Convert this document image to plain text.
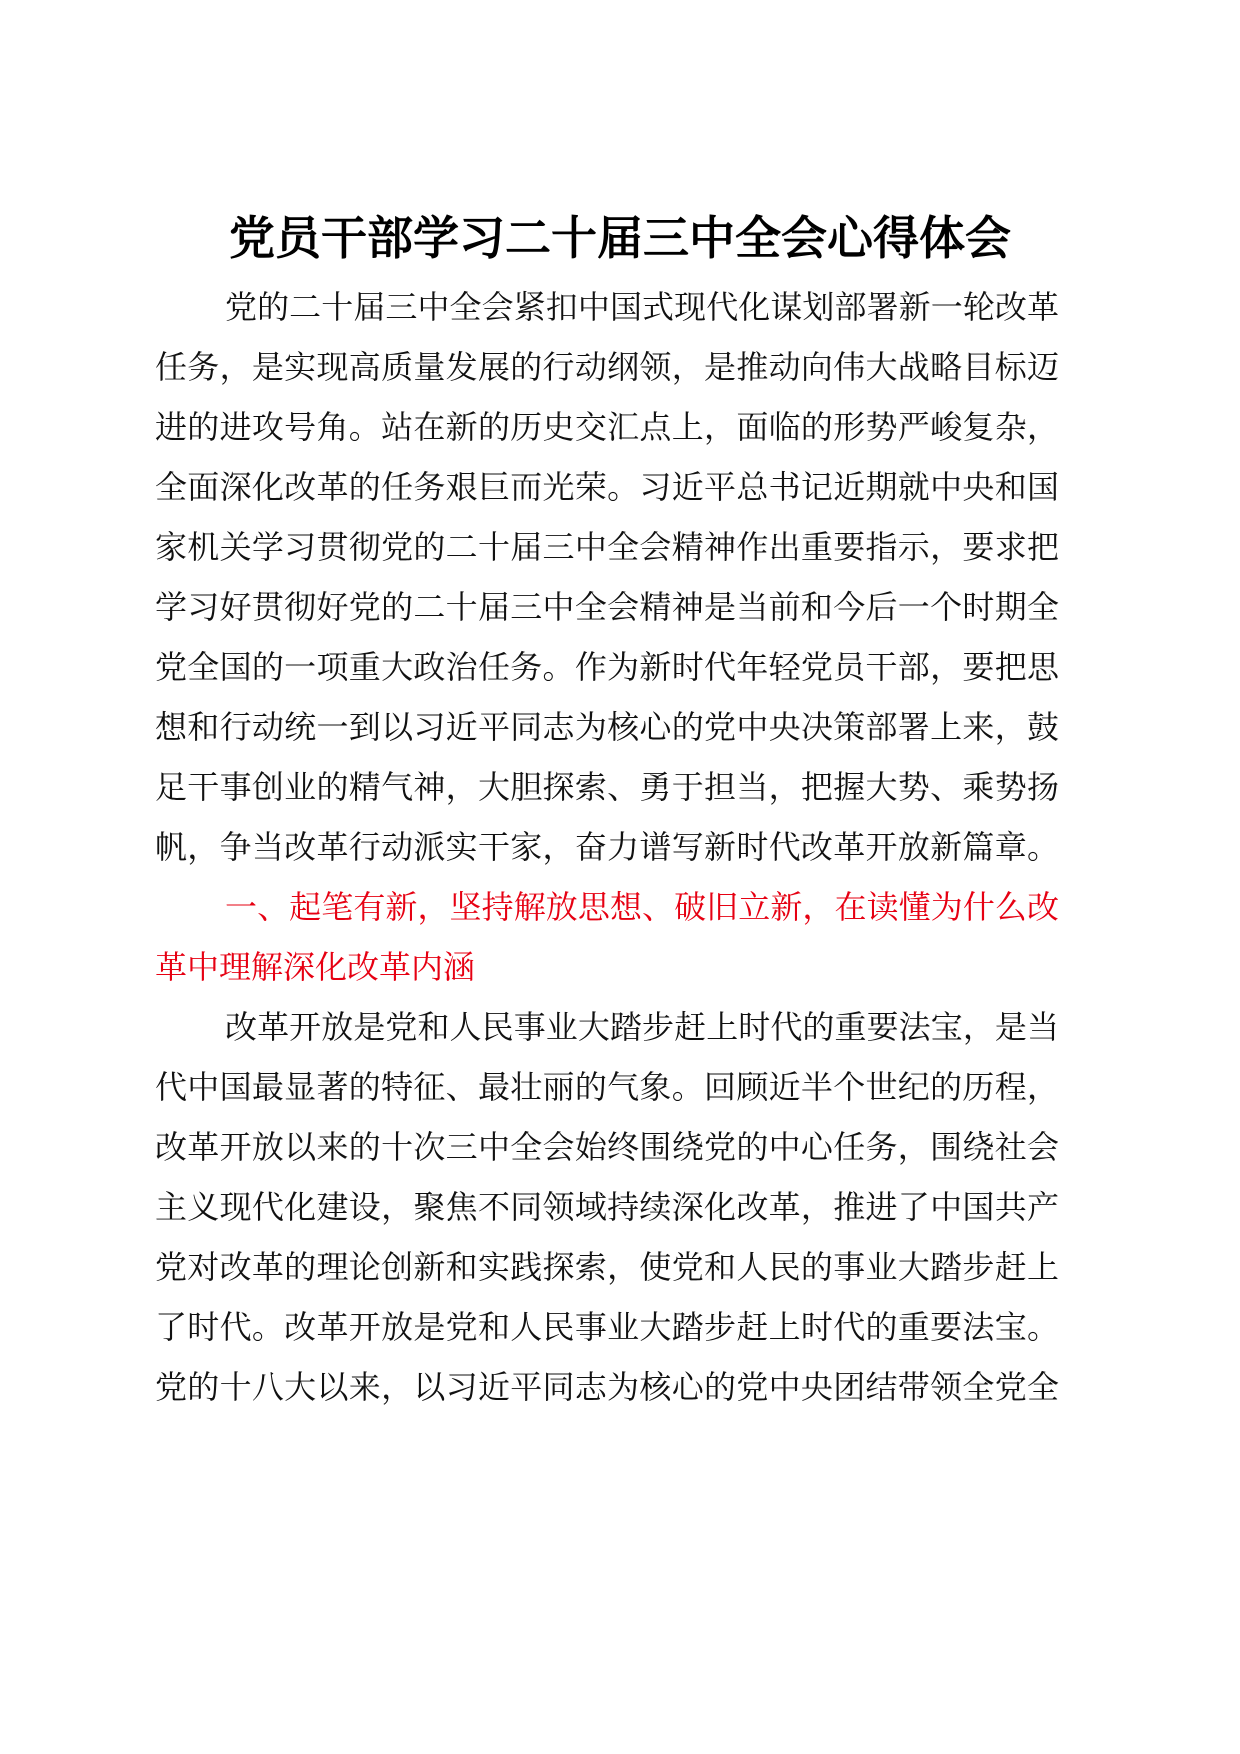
党员干部学习二十届三中全会心得体会
党的二十届三中全会紧扣中国式现代化谋划部署新一轮改革
任务，是实现高质量发展的行动纲领，是推动向伟大战略目标迈
进的进攻号角。站在新的历史交汇点上，面临的形势严峻复杂，
全面深化改革的任务艰巨而光荣。习近平总书记近期就中央和国
家机关学习贯彻党的二十届三中全会精神作出重要指示，要求把
学习好贯彻好党的二十届三中全会精神是当前和今后一个时期全
党全国的一项重大政治任务。作为新时代年轻党员干部，要把思
想和行动统一到以习近平同志为核心的党中央决策部署上来，鼓
足干事创业的精气神，大胆探索、勇于担当，把握大势、乘势扬
帆，争当改革行动派实干家，奋力谱写新时代改革开放新篇章。
一、起笔有新，坚持解放思想、破旧立新，在读懂为什么改
革中理解深化改革内涵
改革开放是党和人民事业大踏步赶上时代的重要法宝，是当
代中国最显著的特征、最壮丽的气象。回顾近半个世纪的历程，
改革开放以来的十次三中全会始终围绕党的中心任务，围绕社会
主义现代化建设，聚焦不同领域持续深化改革，推进了中国共产
党对改革的理论创新和实践探索，使党和人民的事业大踏步赶上
了时代。改革开放是党和人民事业大踏步赶上时代的重要法宝。
党的十八大以来，以习近平同志为核心的党中央团结带领全党全
